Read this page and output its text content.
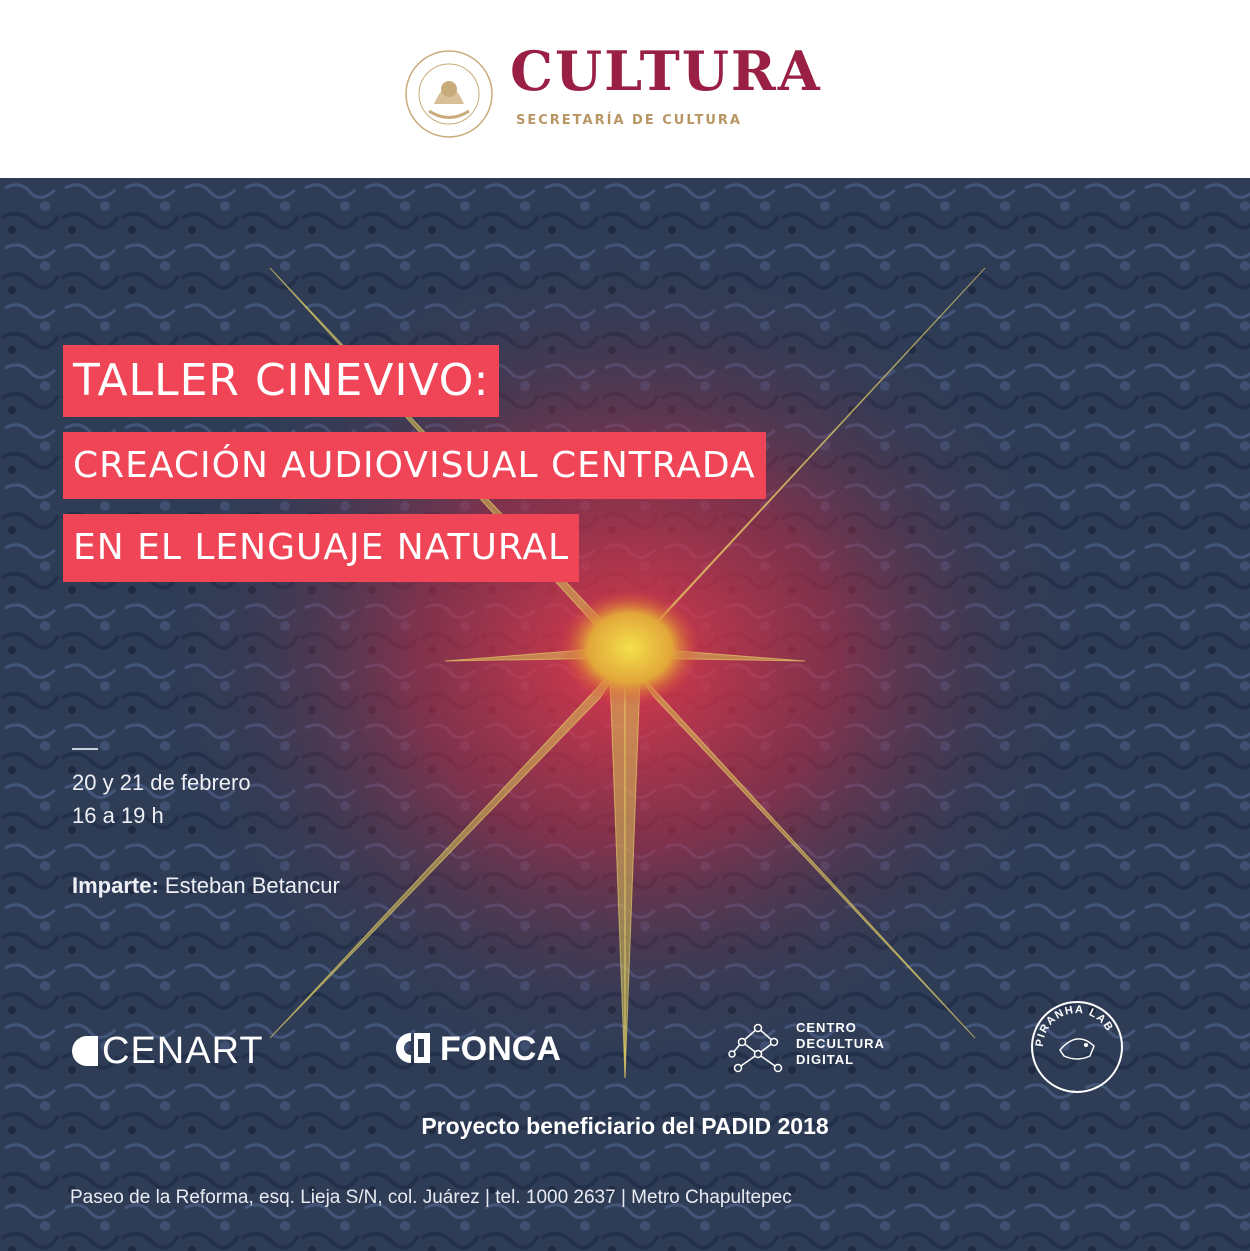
CULTURA
SECRETARÍA DE CULTURA
TALLER CINEVIVO:
CREACIÓN AUDIOVISUAL CENTRADA
EN EL LENGUAJE NATURAL
20 y 21 de febrero
16 a 19 h
Imparte: Esteban Betancur
CENART	FONCA
CENTRO
DECULTURA
DIGITAL
PIRANHA LAB
Proyecto beneficiario del PADID 2018
Paseo de la Reforma, esq. Lieja S/N, col. Juárez | tel. 1000 2637 | Metro Chapultepec
